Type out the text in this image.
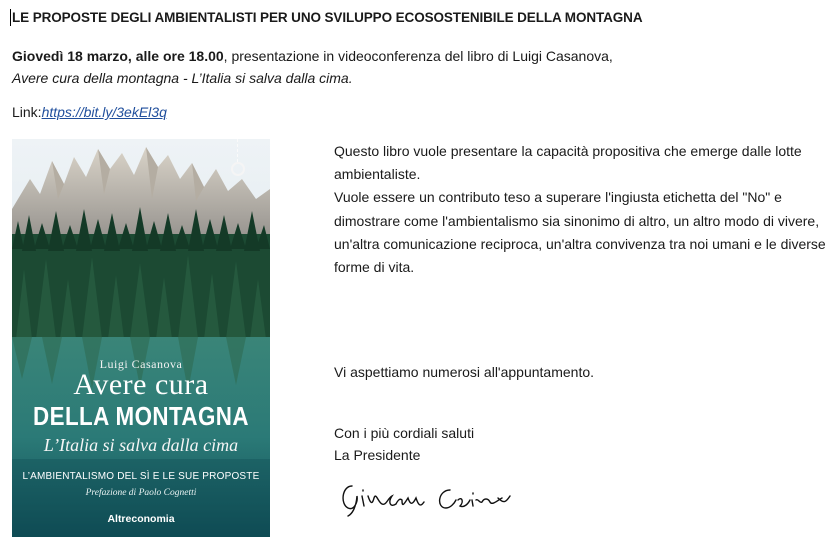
LE PROPOSTE DEGLI AMBIENTALISTI PER UNO SVILUPPO ECOSOSTENIBILE DELLA MONTAGNA
Giovedì 18 marzo, alle ore 18.00, presentazione in videoconferenza del libro di Luigi Casanova,
Avere cura della montagna - L’Italia si salva dalla cima.
Link:https://bit.ly/3ekEl3q
Luigi Casanova
Avere cura
DELLA MONTAGNA
L’Italia si salva dalla cima
L’AMBIENTALISMO DEL SÌ E LE SUE PROPOSTE
Prefazione di Paolo Cognetti
Altreconomia

Questo libro vuole presentare la capacità propositiva che emerge dalle lotte ambientaliste.

Vuole essere un contributo teso a superare l'ingiusta etichetta del "No" e dimostrare come l'ambientalismo sia sinonimo di altro, un altro modo di vivere, un'altra comunicazione reciproca, un'altra convivenza tra noi umani e le diverse forme di vita.

Vi aspettiamo numerosi all'appuntamento.
Con i più cordiali saluti
La Presidente
